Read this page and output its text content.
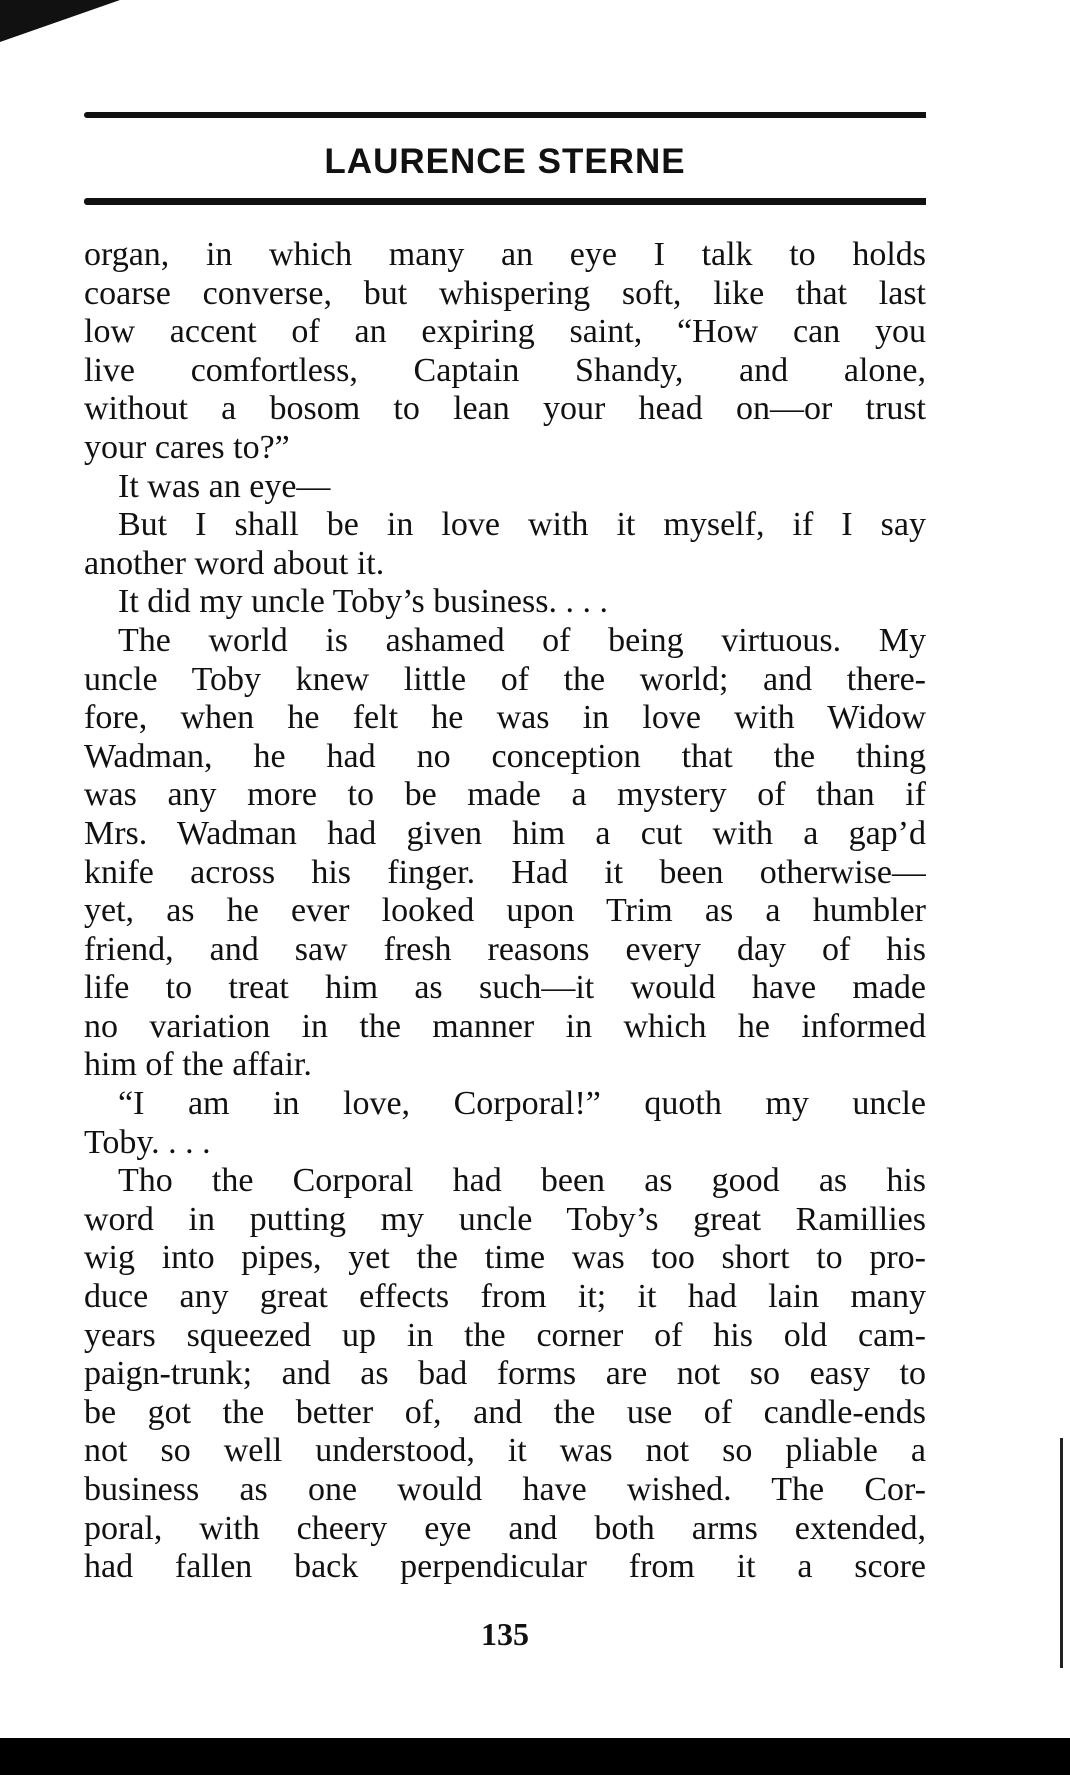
LAURENCE STERNE
organ, in which many an eye I talk to holds
coarse converse, but whispering soft, like that last
low accent of an expiring saint, “How can you
live comfortless, Captain Shandy, and alone,
without a bosom to lean your head on—or trust
your cares to?”
It was an eye—
But I shall be in love with it myself, if I say
another word about it.
It did my uncle Toby’s business. . . .
The world is ashamed of being virtuous. My
uncle Toby knew little of the world; and there-
fore, when he felt he was in love with Widow
Wadman, he had no conception that the thing
was any more to be made a mystery of than if
Mrs. Wadman had given him a cut with a gap’d
knife across his finger. Had it been otherwise—
yet, as he ever looked upon Trim as a humbler
friend, and saw fresh reasons every day of his
life to treat him as such—it would have made
no variation in the manner in which he informed
him of the affair.
“I am in love, Corporal!” quoth my uncle
Toby. . . .
Tho the Corporal had been as good as his
word in putting my uncle Toby’s great Ramillies
wig into pipes, yet the time was too short to pro-
duce any great effects from it; it had lain many
years squeezed up in the corner of his old cam-
paign-trunk; and as bad forms are not so easy to
be got the better of, and the use of candle-ends
not so well understood, it was not so pliable a
business as one would have wished. The Cor-
poral, with cheery eye and both arms extended,
had fallen back perpendicular from it a score
135
